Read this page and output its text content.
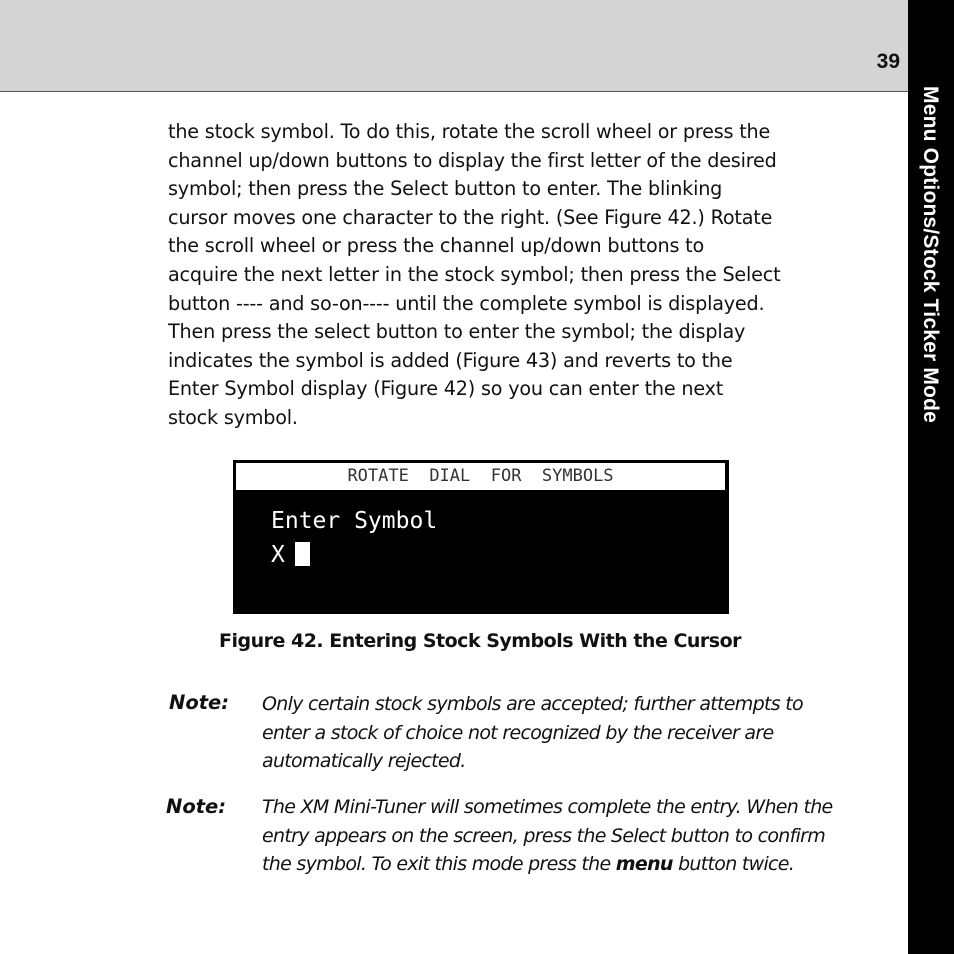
39
Menu Options/Stock Ticker Mode
the stock symbol. To do this, rotate the scroll wheel or press the
channel up/down buttons to display the first letter of the desired
symbol; then press the Select button to enter. The blinking
cursor moves one character to the right. (See Figure 42.) Rotate
the scroll wheel or press the channel up/down buttons to
acquire the next letter in the stock symbol; then press the Select
button ---- and so-on---- until the complete symbol is displayed.
Then press the select button to enter the symbol; the display
indicates the symbol is added (Figure 43) and reverts to the
Enter Symbol display (Figure 42) so you can enter the next
stock symbol.
ROTATE  DIAL  FOR  SYMBOLS
Enter Symbol
X
Figure 42. Entering Stock Symbols With the Cursor
Note: Only certain stock symbols are accepted; further attempts to
enter a stock of choice not recognized by the receiver are
automatically rejected.
Note: The XM Mini-Tuner will sometimes complete the entry. When the
entry appears on the screen, press the Select button to confirm
the symbol. To exit this mode press the menu button twice.
